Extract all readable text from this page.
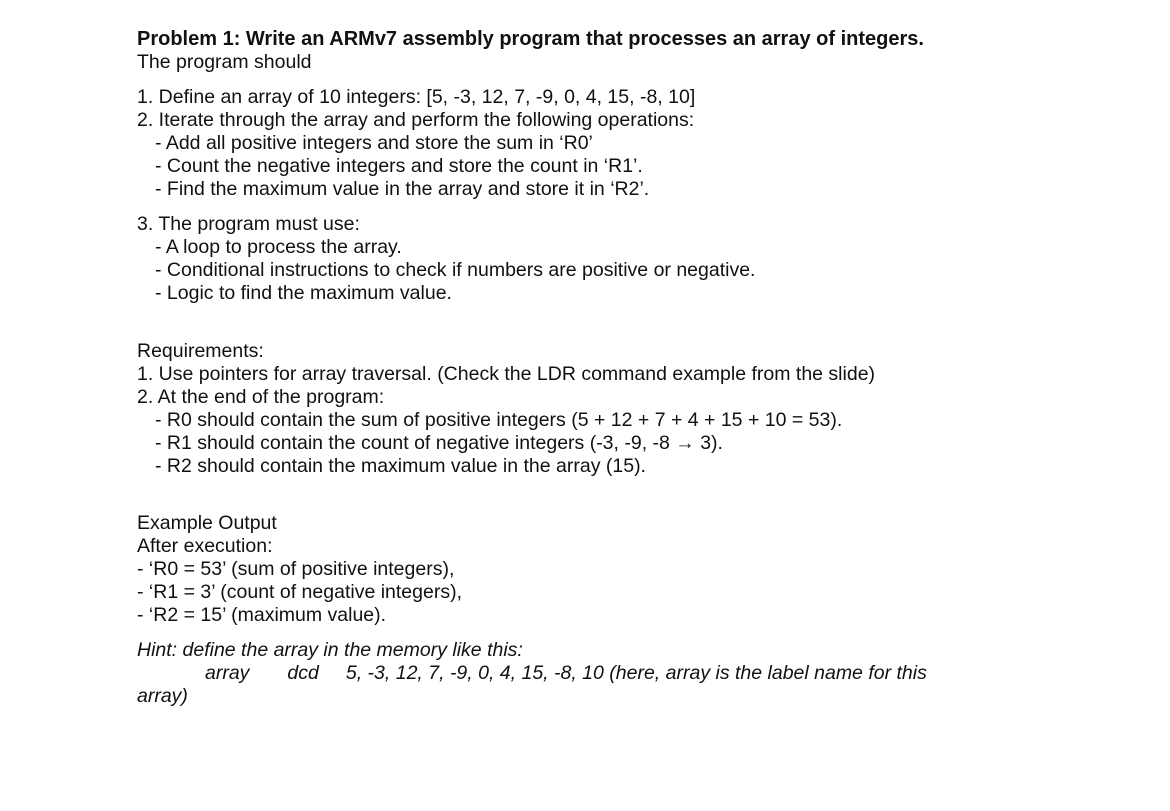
Problem 1: Write an ARMv7 assembly program that processes an array of integers.
The program should
1. Define an array of 10 integers: [5, -3, 12, 7, -9, 0, 4, 15, -8, 10]
2. Iterate through the array and perform the following operations:
- Add all positive integers and store the sum in ‘R0’
- Count the negative integers and store the count in ‘R1’.
- Find the maximum value in the array and store it in ‘R2’.
3. The program must use:
- A loop to process the array.
- Conditional instructions to check if numbers are positive or negative.
- Logic to find the maximum value.
Requirements:
1. Use pointers for array traversal. (Check the LDR command example from the slide)
2. At the end of the program:
- R0 should contain the sum of positive integers (5 + 12 + 7 + 4 + 15 + 10 = 53).
- R1 should contain the count of negative integers (-3, -9, -8 → 3).
- R2 should contain the maximum value in the array (15).
Example Output
After execution:
- ‘R0 = 53’ (sum of positive integers),
- ‘R1 = 3’ (count of negative integers),
- ‘R2 = 15’ (maximum value).
Hint: define the array in the memory like this:
array       dcd     5, -3, 12, 7, -9, 0, 4, 15, -8, 10 (here, array is the label name for this
array)
